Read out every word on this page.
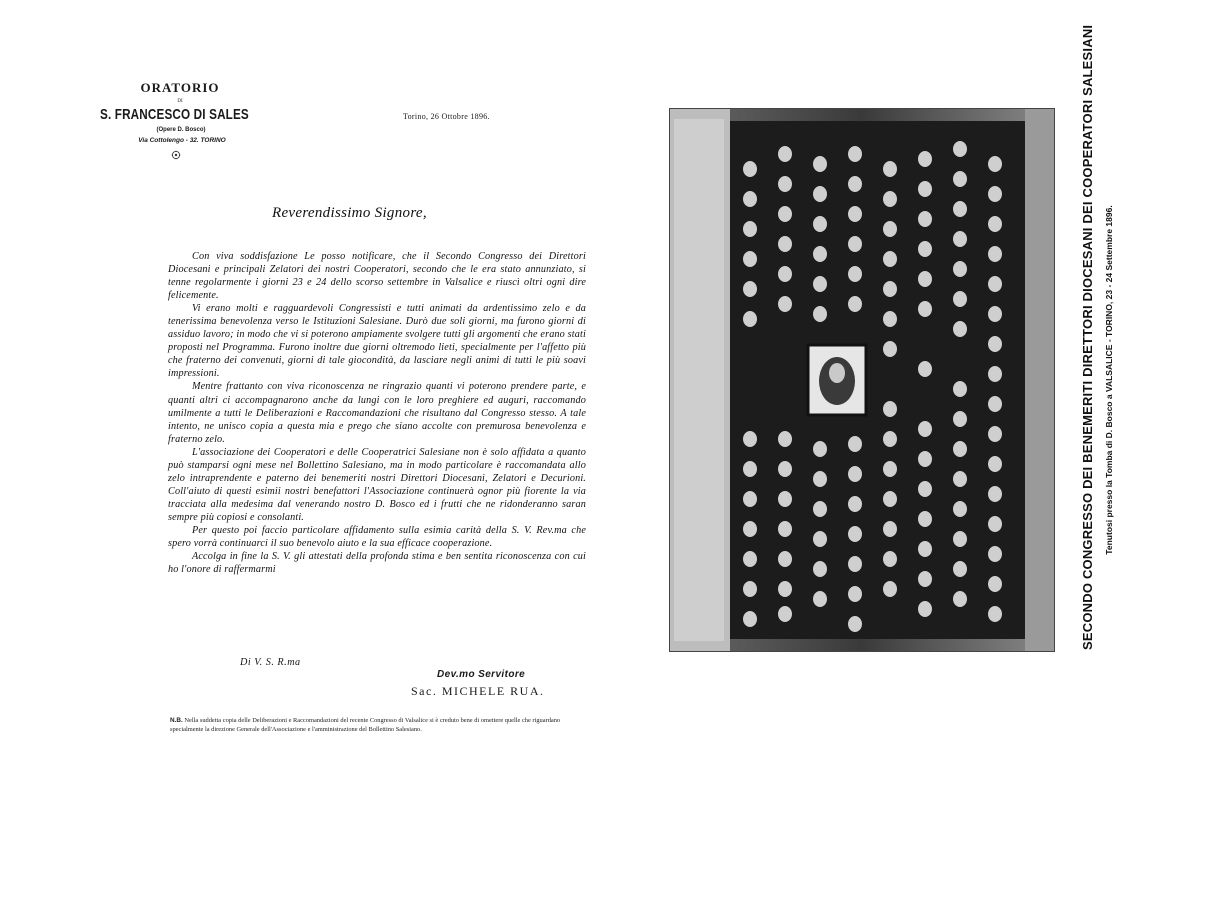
ORATORIO
DI
S. FRANCESCO DI SALES
(Opere D. Bosco)
Via Cottolengo - 32. TORINO
Torino, 26 Ottobre 1896.
Reverendissimo Signore,

Con viva soddisfazione Le posso notificare, che il Secondo Congresso dei Direttori Diocesani e principali Zelatori dei nostri Cooperatori, secondo che le era stato annunziato, si tenne regolarmente i giorni 23 e 24 dello scorso settembre in Valsalice e riuscì oltri ogni dire felicemente.

Vi erano molti e ragguardevoli Congressisti e tutti animati da ardentissimo zelo e da tenerissima benevolenza verso le Istituzioni Salesiane. Durò due soli giorni, ma furono giorni di assiduo lavoro; in modo che vi si poterono ampiamente svolgere tutti gli argomenti che erano stati proposti nel Programma. Furono inoltre due giorni oltremodo lieti, specialmente per l'affetto più che fraterno dei convenuti, giorni di tale giocondità, da lasciare negli animi di tutti le più soavi impressioni.

Mentre frattanto con viva riconoscenza ne ringrazio quanti vi poterono prendere parte, e quanti altri ci accompagnarono anche da lungi con le loro preghiere ed auguri, raccomando umilmente a tutti le Deliberazioni e Raccomandazioni che risultano dal Congresso stesso. A tale intento, ne unisco copia a questa mia e prego che siano accolte con premurosa benevolenza e fraterno zelo.

L'associazione dei Cooperatori e delle Cooperatrici Salesiane non è solo affidata a quanto può stamparsi ogni mese nel Bollettino Salesiano, ma in modo particolare è raccomandata allo zelo intraprendente e paterno dei benemeriti nostri Direttori Diocesani, Zelatori e Decurioni. Coll'aiuto di questi esimii nostri benefattori l'Associazione continuerà ognor più fiorente la via tracciata alla medesima dal venerando nostro D. Bosco ed i frutti che ne ridonderanno saran sempre più copiosi e consolanti.

Per questo poi faccio particolare affidamento sulla esimia carità della S. V. Rev.ma che spero vorrà continuarci il suo benevolo aiuto e la sua efficace cooperazione.

Accolga in fine la S. V. gli attestati della profonda stima e ben sentita riconoscenza con cui ho l'onore di raffermarmi

Di V. S. R.ma
Dev.mo Servitore
Sac. MICHELE RUA.
N.B. Nella suddetta copia delle Deliberazioni e Raccomandazioni del recente Congresso di Valsalice si è creduto bene di omettere quelle che riguardano specialmente la direzione Generale dell'Associazione e l'amministrazione del Bollettino Salesiano.
SECONDO CONGRESSO DEI BENEMERITI DIRETTORI DIOCESANI DEI COOPERATORI SALESIANI	Tenutosi presso la Tomba di D. Bosco a VALSALICE - TORINO, 23 - 24 Settembre 1896.
